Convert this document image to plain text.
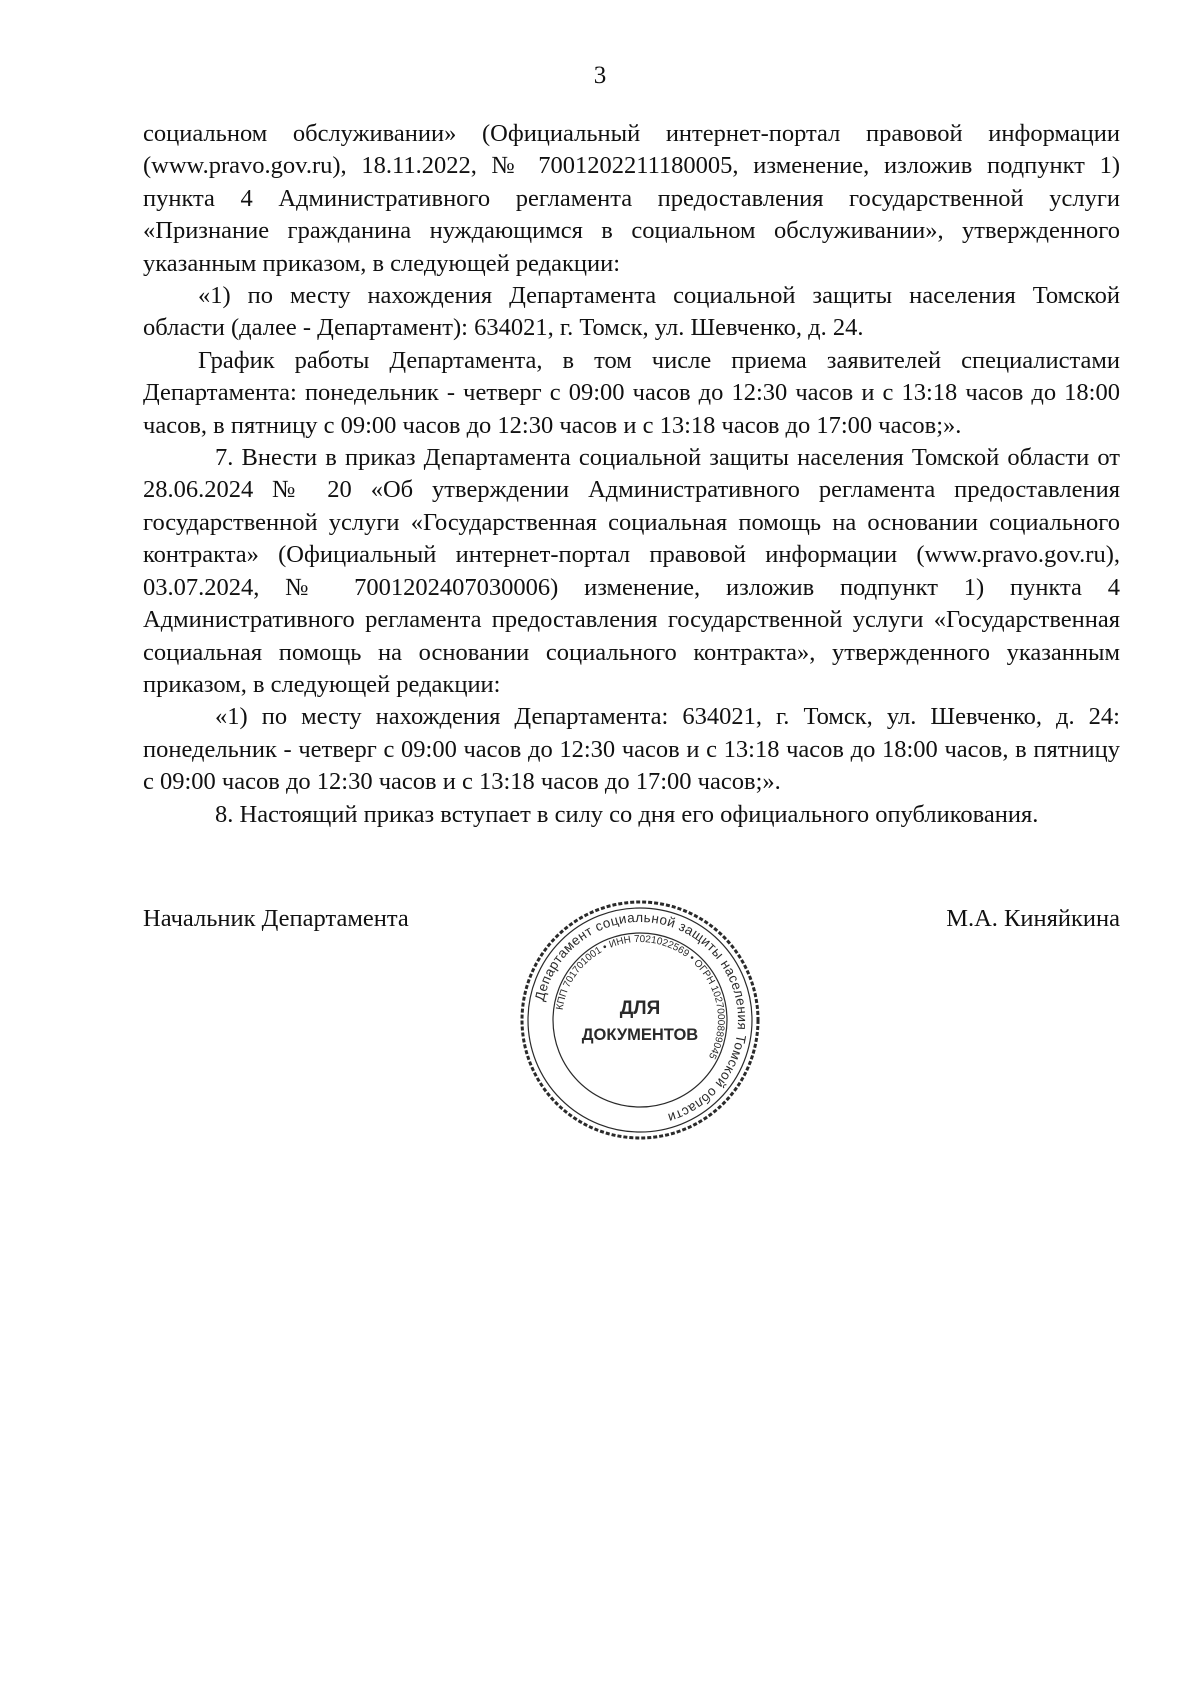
3

социальном обслуживании» (Официальный интернет-портал правовой информации (www.pravo.gov.ru), 18.11.2022, № 7001202211180005, изменение, изложив подпункт 1) пункта 4 Административного регламента предоставления государственной услуги «Признание гражданина нуждающимся в социальном обслуживании», утвержденного указанным приказом, в следующей редакции:

«1) по месту нахождения Департамента социальной защиты населения Томской области (далее - Департамент): 634021, г. Томск, ул. Шевченко, д. 24.

График работы Департамента, в том числе приема заявителей специалистами Департамента: понедельник - четверг с 09:00 часов до 12:30 часов и с 13:18 часов до 18:00 часов, в пятницу с 09:00 часов до 12:30 часов и с 13:18 часов до 17:00 часов;».

7. Внести в приказ Департамента социальной защиты населения Томской области от 28.06.2024 № 20 «Об утверждении Административного регламента предоставления государственной услуги «Государственная социальная помощь на основании социального контракта» (Официальный интернет-портал правовой информации (www.pravo.gov.ru), 03.07.2024, № 7001202407030006) изменение, изложив подпункт 1) пункта 4 Административного регламента предоставления государственной услуги «Государственная социальная помощь на основании социального контракта», утвержденного указанным приказом, в следующей редакции:

«1) по месту нахождения Департамента: 634021, г. Томск, ул. Шевченко, д. 24: понедельник - четверг с 09:00 часов до 12:30 часов и с 13:18 часов до 18:00 часов, в пятницу с 09:00 часов до 12:30 часов и с 13:18 часов до 17:00 часов;».

8. Настоящий приказ вступает в силу со дня его официального опубликования.

Начальник Департамента	М.А. Киняйкина
Департамент социальной защиты населения Томской области
КПП 701701001 • ИНН 7021022569 • ОГРН 1027000889045
ДЛЯ
ДОКУМЕНТОВ
